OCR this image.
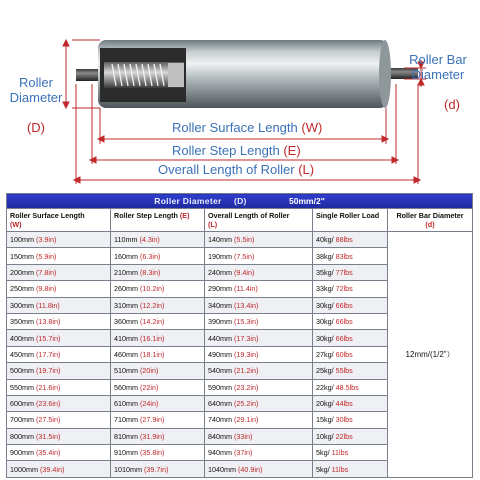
Roller
Diameter

(D)

Roller Bar
Diameter

(d)

Roller Surface Length (W)
Roller Step Length (E)
Overall Length of Roller (L)
Roller Diameter (D) 50mm/2"				
Roller Surface Length
(W)	Roller Step Length (E)	Overall Length of Roller
(L)	Single Roller Load	Roller Bar Diameter
(d)
100mm (3.9in)	110mm (4.3in)	140mm (5.5in)	40kg/ 88lbs	12mm/(1/2”）
150mm (5.9in)	160mm (6.3in)	190mm (7.5in)	38kg/ 83lbs	
200mm (7.8in)	210mm (8.3in)	240mm (9.4in)	35kg/ 77lbs	
250mm (9.8in)	260mm (10.2in)	290mm (11.4in)	33kg/ 72lbs	
300mm (11.8in)	310mm (12.2in)	340mm (13.4in)	30kg/ 66lbs	
350mm (13.8in)	360mm (14.2in)	390mm (15.3in)	30kg/ 66lbs	
400mm (15.7in)	410mm (16.1in)	440mm (17.3in)	30kg/ 66lbs	
450mm (17.7in)	460mm (18.1in)	490mm (19.3in)	27kg/ 60lbs	
500mm (19.7in)	510mm (20in)	540mm (21.2in)	25kg/ 55lbs	
550mm (21.6in)	560mm (22in)	590mm (23.2in)	22kg/ 48.5lbs	
600mm (23.6in)	610mm (24in)	640mm (25.2in)	20kg/ 44lbs	
700mm (27.5in)	710mm (27.9in)	740mm (29.1in)	15kg/ 30lbs	
800mm (31.5in)	810mm (31.9in)	840mm (33in)	10kg/ 22lbs	
900mm (35.4in)	910mm (35.8in)	940mm (37in)	5kg/ 11lbs	
1000mm (39.4in)	1010mm (39.7in)	1040mm (40.9in)	5kg/ 11lbs	
